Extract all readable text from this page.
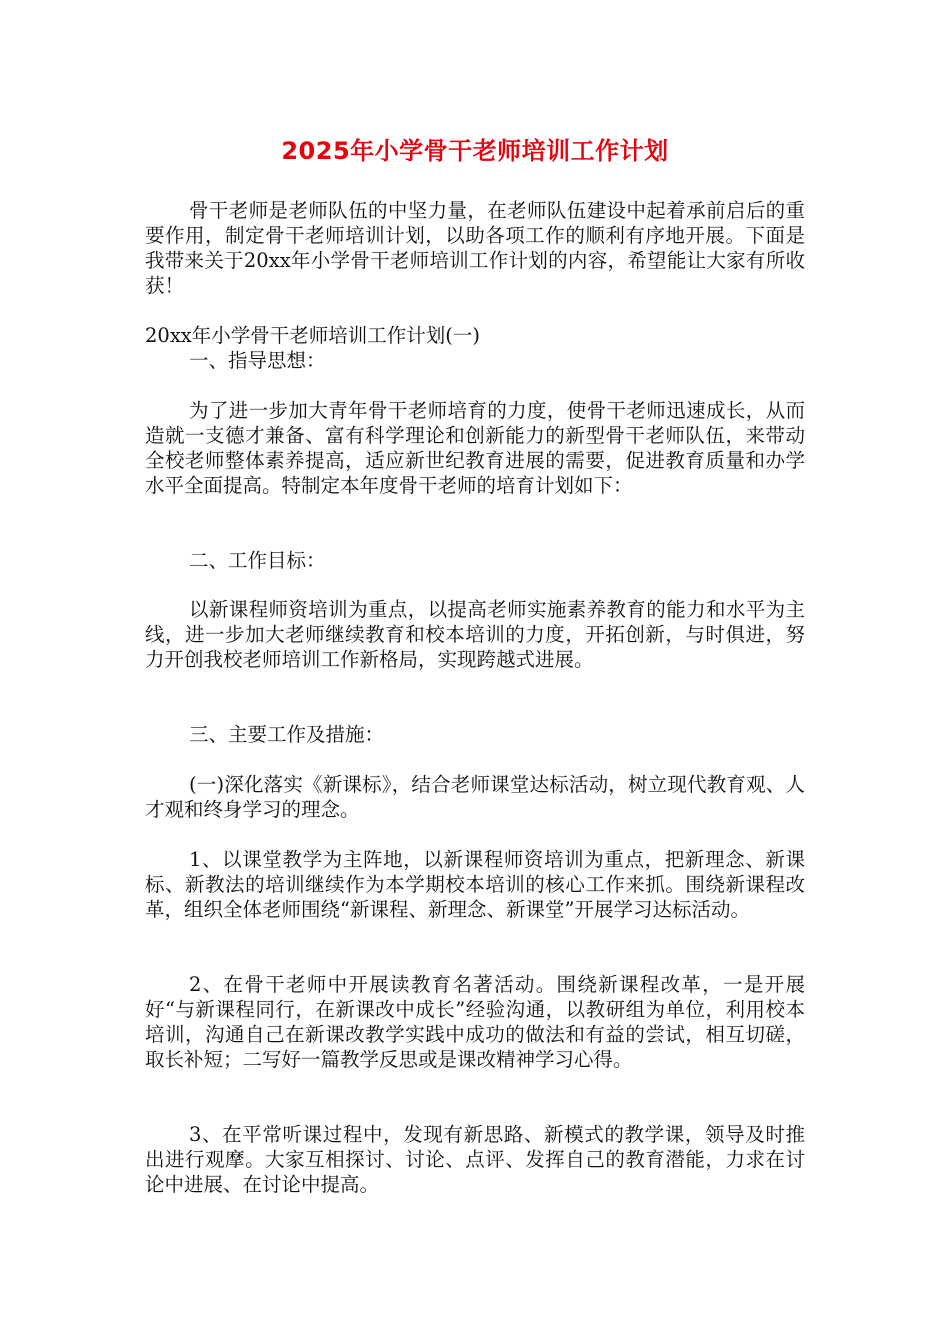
2025年小学骨干老师培训工作计划

骨干老师是老师队伍的中坚力量，在老师队伍建设中起着承前启后的重要作用，制定骨干老师培训计划，以助各项工作的顺利有序地开展。下面是我带来关于20xx年小学骨干老师培训工作计划的内容，希望能让大家有所收获！

20xx年小学骨干老师培训工作计划(一)

一、指导思想：

为了进一步加大青年骨干老师培育的力度，使骨干老师迅速成长，从而造就一支德才兼备、富有科学理论和创新能力的新型骨干老师队伍，来带动全校老师整体素养提高，适应新世纪教育进展的需要，促进教育质量和办学水平全面提高。特制定本年度骨干老师的培育计划如下：

二、工作目标：

以新课程师资培训为重点，以提高老师实施素养教育的能力和水平为主线，进一步加大老师继续教育和校本培训的力度，开拓创新，与时俱进，努力开创我校老师培训工作新格局，实现跨越式进展。

三、主要工作及措施：

(一)深化落实《新课标》，结合老师课堂达标活动，树立现代教育观、人才观和终身学习的理念。

1、以课堂教学为主阵地，以新课程师资培训为重点，把新理念、新课标、新教法的培训继续作为本学期校本培训的核心工作来抓。围绕新课程改革，组织全体老师围绕“新课程、新理念、新课堂”开展学习达标活动。

2、在骨干老师中开展读教育名著活动。围绕新课程改革，一是开展好“与新课程同行，在新课改中成长”经验沟通，以教研组为单位，利用校本培训，沟通自己在新课改教学实践中成功的做法和有益的尝试，相互切磋，取长补短；二写好一篇教学反思或是课改精神学习心得。

3、在平常听课过程中，发现有新思路、新模式的教学课，领导及时推出进行观摩。大家互相探讨、讨论、点评、发挥自己的教育潜能，力求在讨论中进展、在讨论中提高。
